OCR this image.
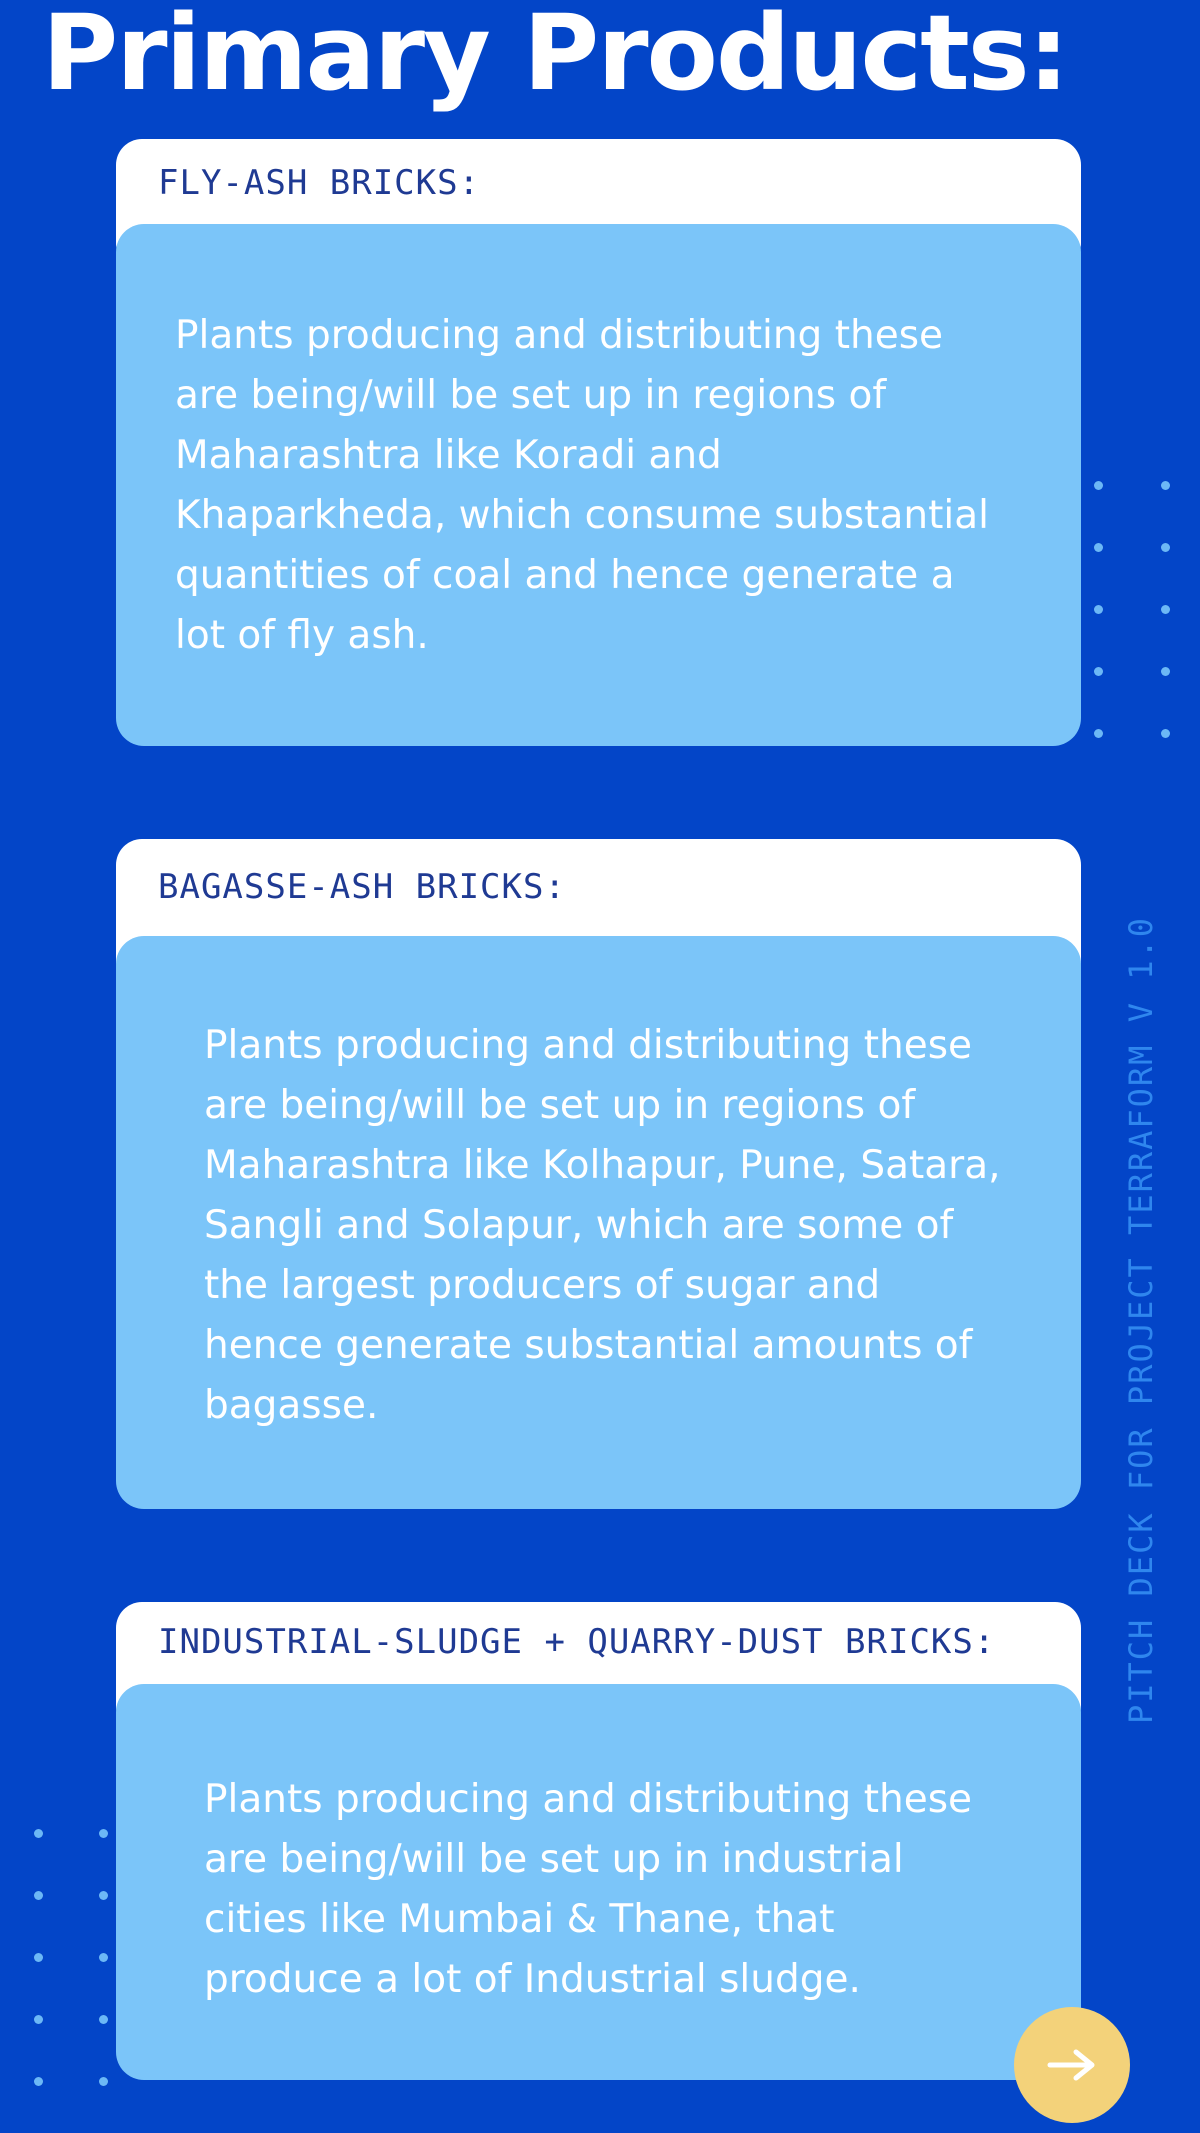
Primary Products:
FLY-ASH BRICKS:

Plants producing and distributing these are being/will be set up in regions of Maharashtra like Koradi and Khaparkheda, which consume substantial quantities of coal and hence generate a lot of fly ash.

BAGASSE-ASH BRICKS:

Plants producing and distributing these are being/will be set up in regions of Maharashtra like Kolhapur, Pune, Satara, Sangli and Solapur, which are some of the largest producers of sugar and hence generate substantial amounts of bagasse.

INDUSTRIAL-SLUDGE + QUARRY-DUST BRICKS:

Plants producing and distributing these are being/will be set up in industrial cities like Mumbai & Thane, that produce a lot of Industrial sludge.

PITCH DECK FOR PROJECT TERRAFORM V 1.0
